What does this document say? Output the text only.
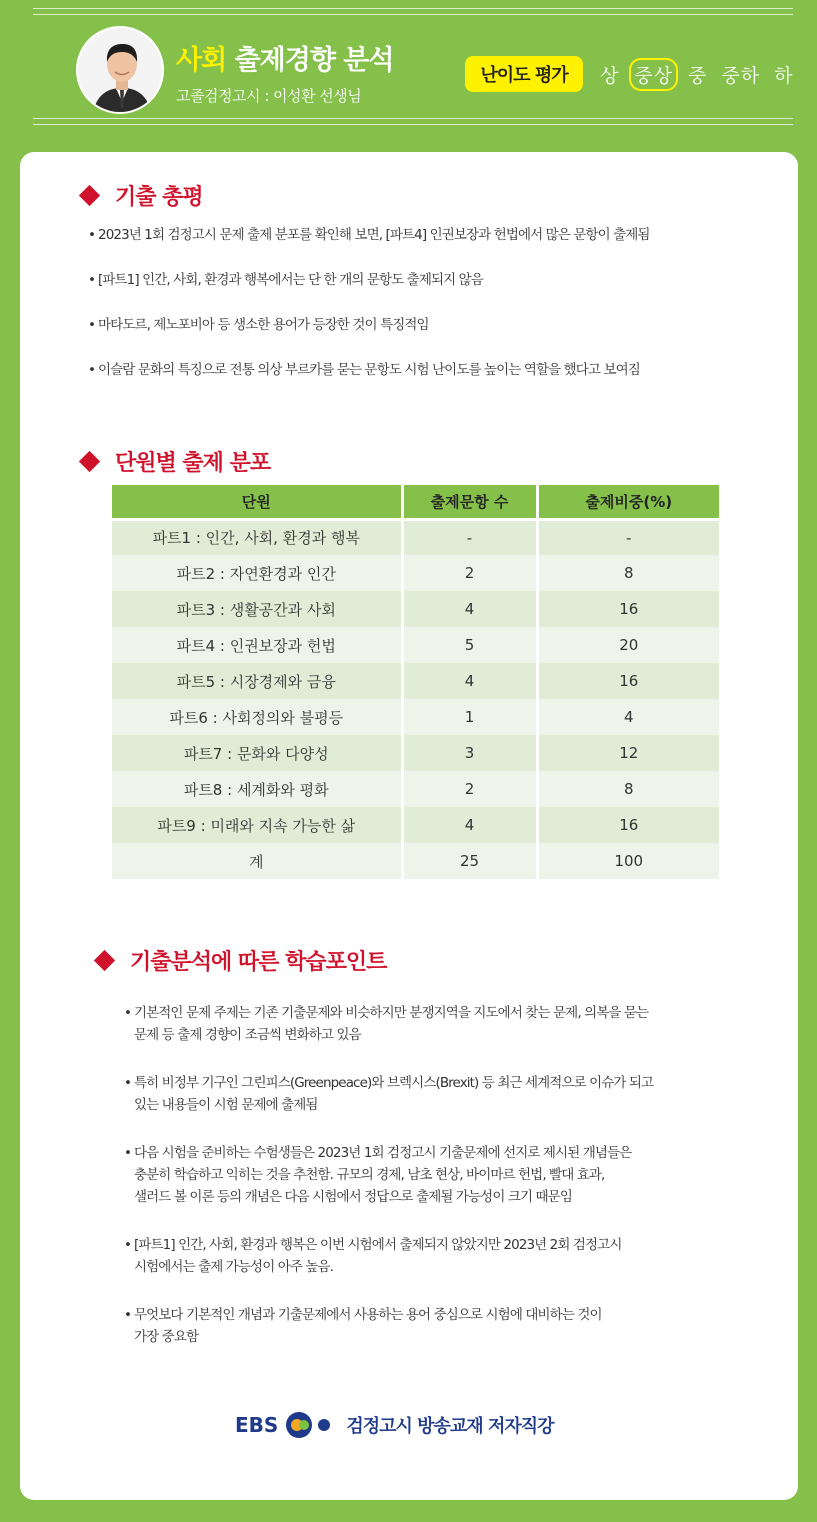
사회 출제경향 분석
고졸검정고시 : 이성환 선생님
난이도 평가	상 중상 중 중하 하
기출 총평
• 2023년 1회 검정고시 문제 출제 분포를 확인해 보면, [파트4] 인권보장과 헌법에서 많은 문항이 출제됨
• [파트1] 인간, 사회, 환경과 행복에서는 단 한 개의 문항도 출제되지 않음
• 마타도르, 제노포비아 등 생소한 용어가 등장한 것이 특징적임
• 이슬람 문화의 특징으로 전통 의상 부르카를 묻는 문항도 시험 난이도를 높이는 역할을 했다고 보여짐
단원별 출제 분포
단원	출제문항 수	출제비중(%)
파트1 : 인간, 사회, 환경과 행복	-	-
파트2 : 자연환경과 인간	2	8
파트3 : 생활공간과 사회	4	16
파트4 : 인권보장과 헌법	5	20
파트5 : 시장경제와 금융	4	16
파트6 : 사회정의와 불평등	1	4
파트7 : 문화와 다양성	3	12
파트8 : 세계화와 평화	2	8
파트9 : 미래와 지속 가능한 삶	4	16
계	25	100
기출분석에 따른 학습포인트
• 기본적인 문제 주제는 기존 기출문제와 비슷하지만 분쟁지역을 지도에서 찾는 문제, 의복을 묻는
문제 등 출제 경향이 조금씩 변화하고 있음
• 특히 비정부 기구인 그린피스(Greenpeace)와 브렉시스(Brexit) 등 최근 세계적으로 이슈가 되고
있는 내용들이 시험 문제에 출제됨
• 다음 시험을 준비하는 수험생들은 2023년 1회 검정고시 기출문제에 선지로 제시된 개념들은
충분히 학습하고 익히는 것을 추천함. 규모의 경제, 남초 현상, 바이마르 헌법, 빨대 효과,
샐러드 볼 이론 등의 개념은 다음 시험에서 정답으로 출제될 가능성이 크기 때문임
• [파트1] 인간, 사회, 환경과 행복은 이번 시험에서 출제되지 않았지만 2023년 2회 검정고시
시험에서는 출제 가능성이 아주 높음.
• 무엇보다 기본적인 개념과 기출문제에서 사용하는 용어 중심으로 시험에 대비하는 것이
가장 중요함
EBS	검정고시 방송교재 저자직강
